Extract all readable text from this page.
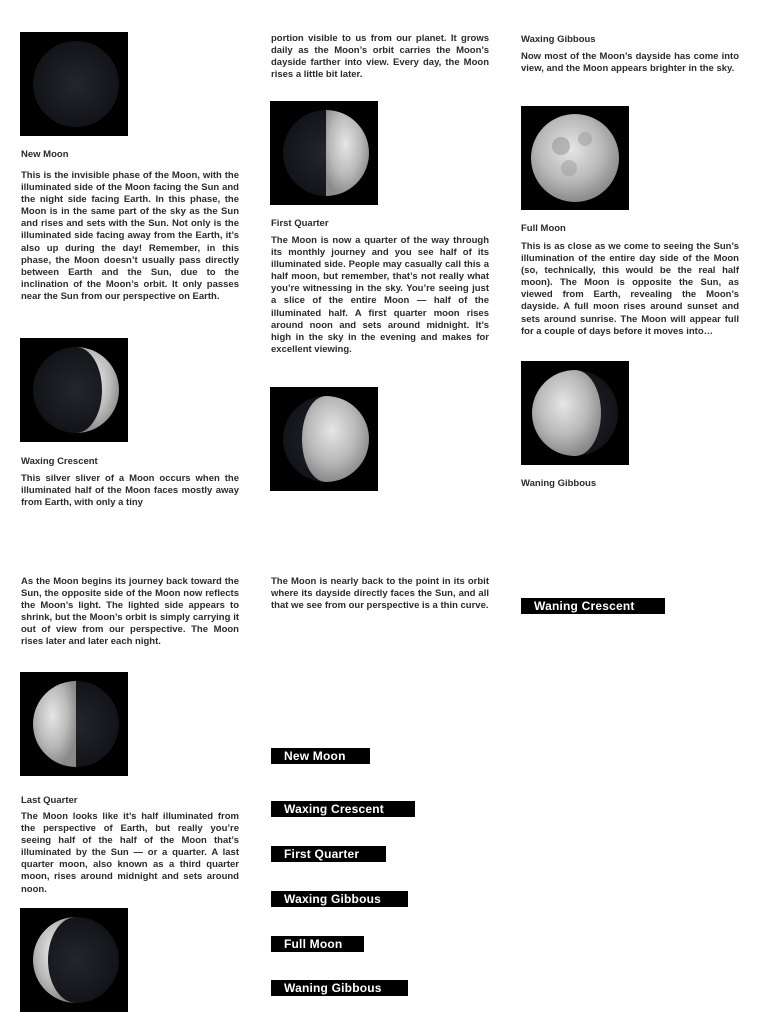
New Moon
This is the invisible phase of the Moon, with the illuminated side of the Moon facing the Sun and the night side facing Earth. In this phase, the Moon is in the same part of the sky as the Sun and rises and sets with the Sun. Not only is the illuminated side facing away from the Earth, it’s also up during the day! Remember, in this phase, the Moon doesn’t usually pass directly between Earth and the Sun, due to the inclination of the Moon’s orbit. It only passes near the Sun from our perspective on Earth.
Waxing Crescent
This silver sliver of a Moon occurs when the illuminated half of the Moon faces mostly away from Earth, with only a tiny
As the Moon begins its journey back toward the Sun, the opposite side of the Moon now reflects the Moon’s light. The lighted side appears to shrink, but the Moon’s orbit is simply carrying it out of view from our perspective. The Moon rises later and later each night.
Last Quarter
The Moon looks like it’s half illuminated from the perspective of Earth, but really you’re seeing half of the half of the Moon that’s illuminated by the Sun — or a quarter. A last quarter moon, also known as a third quarter moon, rises around midnight and sets around noon.
portion visible to us from our planet. It grows daily as the Moon’s orbit carries the Moon’s dayside farther into view. Every day, the Moon rises a little bit later.
First Quarter
The Moon is now a quarter of the way through its monthly journey and you see half of its illuminated side. People may casually call this a half moon, but remember, that’s not really what you’re witnessing in the sky. You’re seeing just a slice of the entire Moon — half of the illuminated half. A first quarter moon rises around noon and sets around midnight. It’s high in the sky in the evening and makes for excellent viewing.
The Moon is nearly back to the point in its orbit where its dayside directly faces the Sun, and all that we see from our perspective is a thin curve.
Waxing Gibbous
Now most of the Moon’s dayside has come into view, and the Moon appears brighter in the sky.
Full Moon
This is as close as we come to seeing the Sun’s illumination of the entire day side of the Moon (so, technically, this would be the real half moon). The Moon is opposite the Sun, as viewed from Earth, revealing the Moon’s dayside. A full moon rises around sunset and sets around sunrise. The Moon will appear full for a couple of days before it moves into…
Waning Gibbous
Waning Crescent
New Moon
Waxing Crescent
First Quarter
Waxing Gibbous
Full Moon
Waning Gibbous
